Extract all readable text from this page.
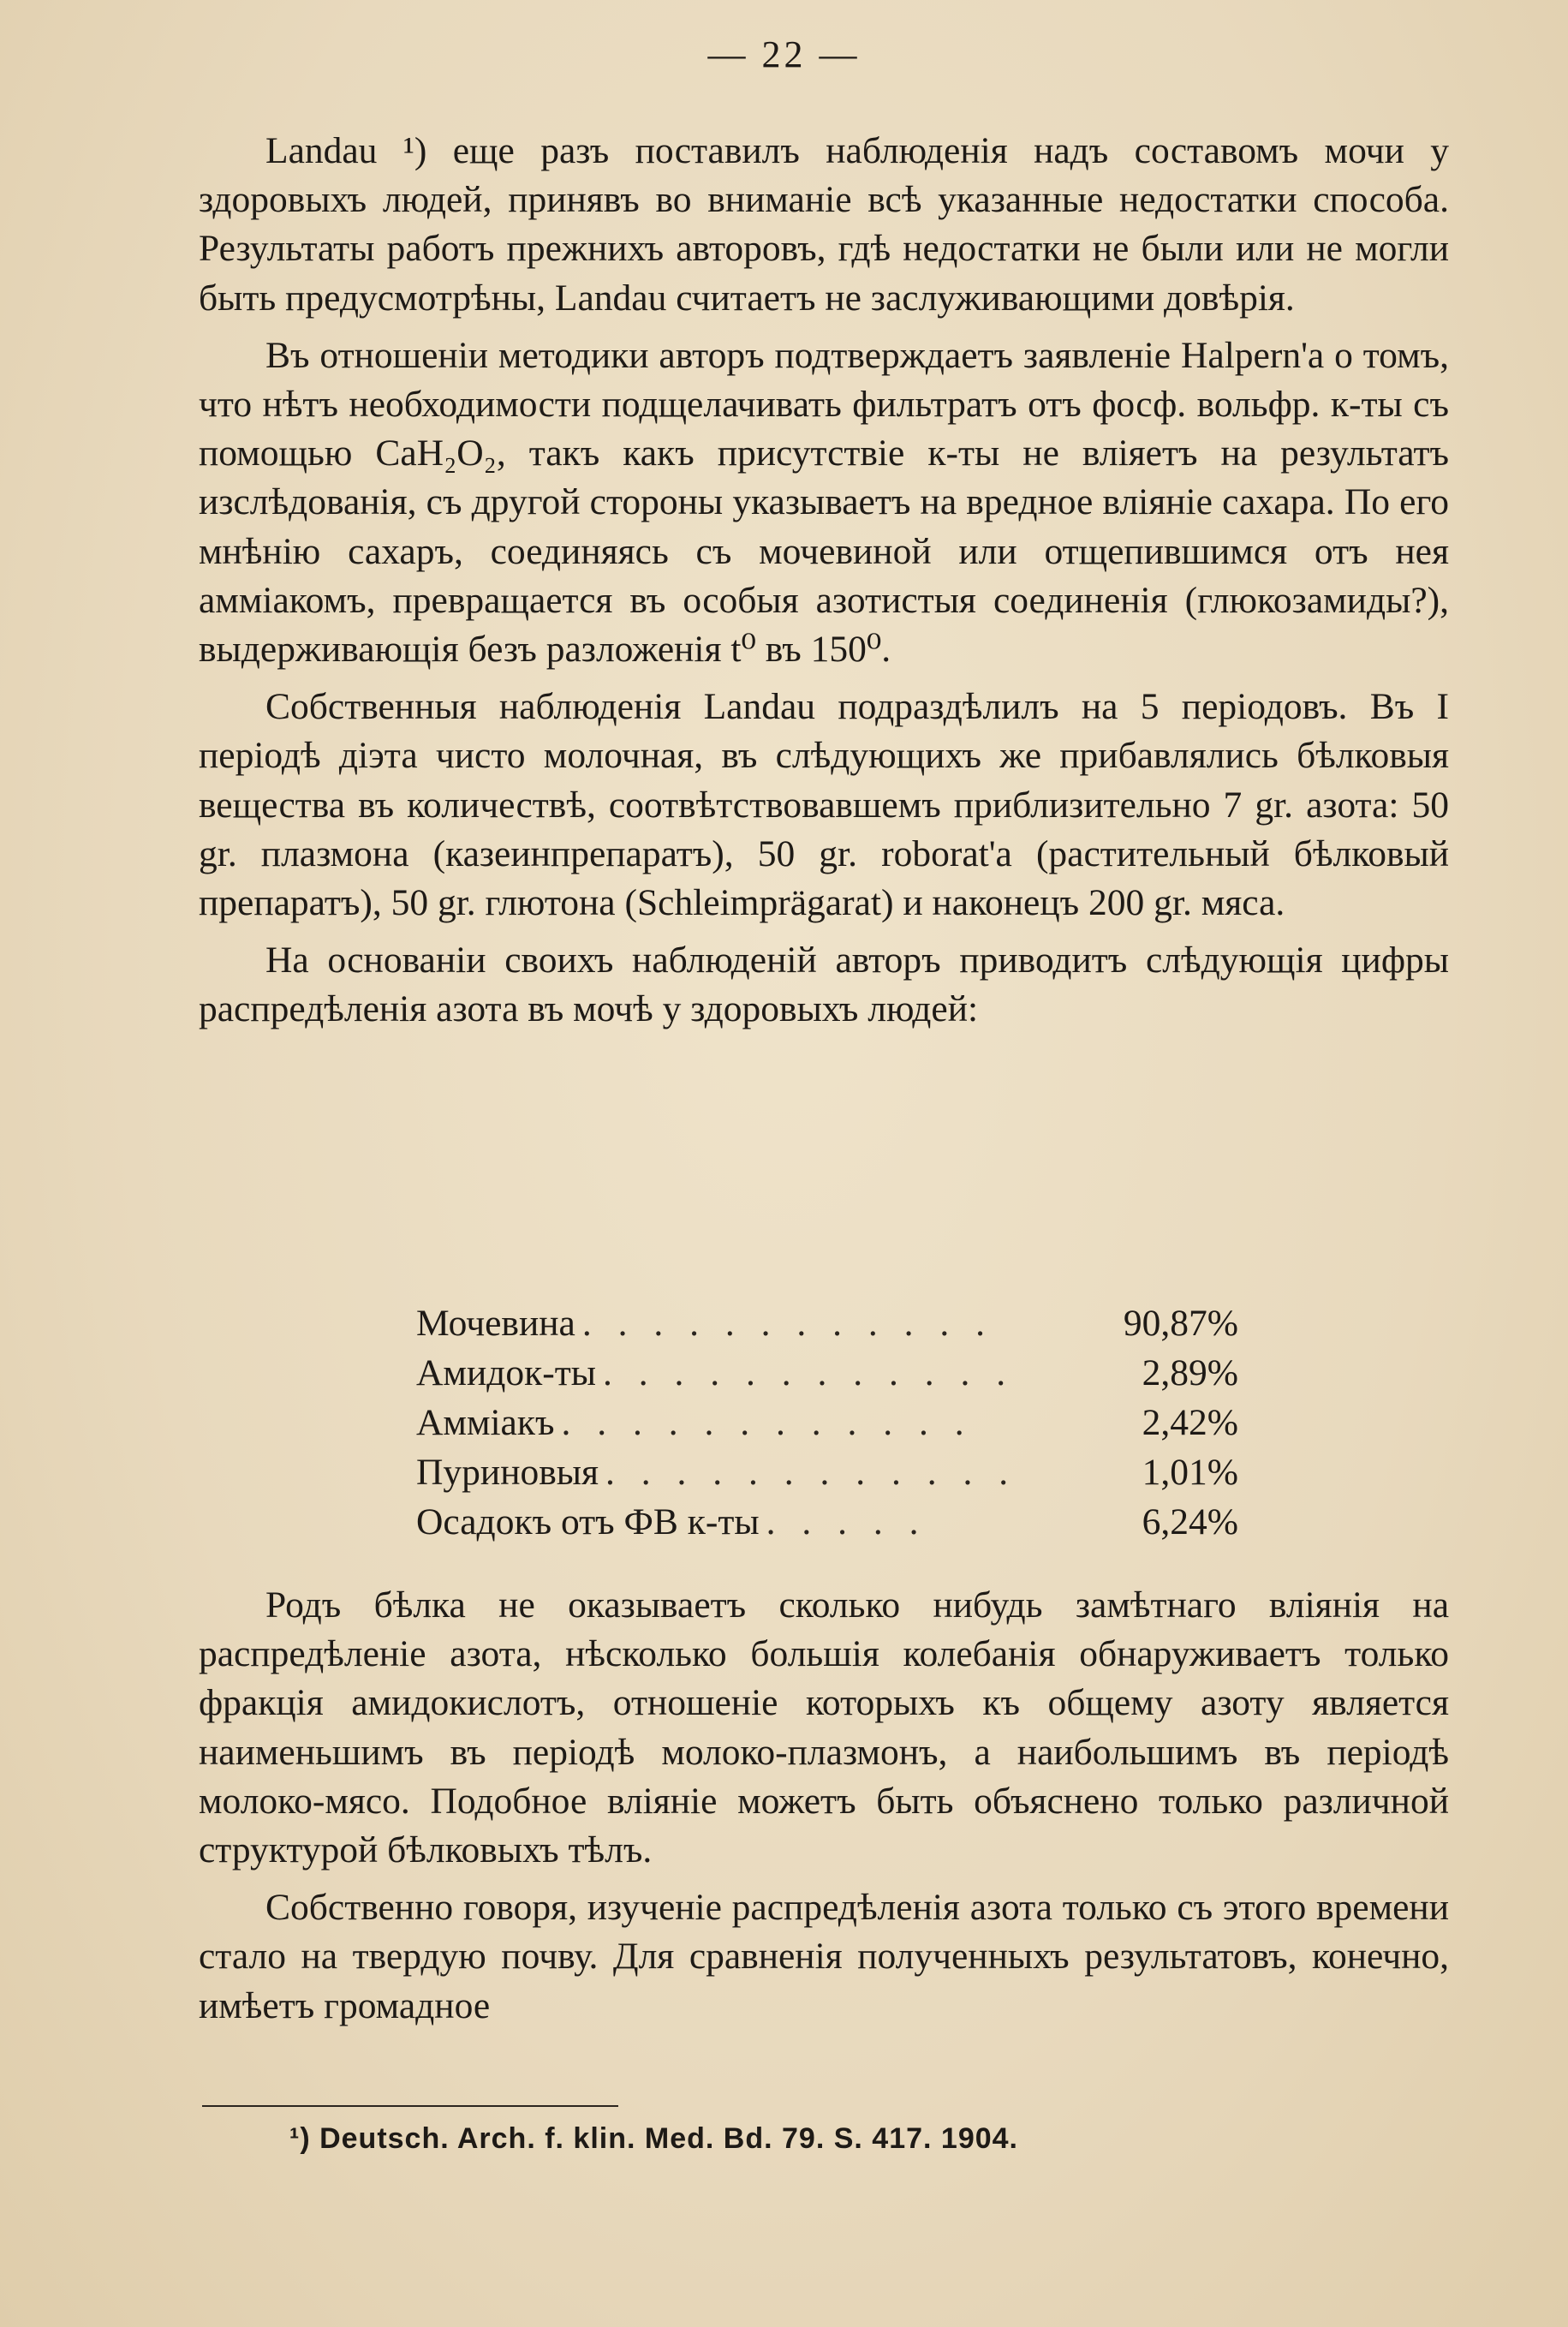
— 22 —

Landau ¹) еще разъ поставилъ наблюденія надъ составомъ мочи у здоровыхъ людей, принявъ во вниманіе всѣ указанные недостатки способа. Результаты работъ прежнихъ авторовъ, гдѣ недостатки не были или не могли быть предусмотрѣны, Landau считаетъ не заслуживающими довѣрія.

Въ отношеніи методики авторъ подтверждаетъ заявленіе Halpern'a о томъ, что нѣтъ необходимости подщелачивать фильтратъ отъ фосф. вольфр. к-ты съ помощью CaH₂O₂, такъ какъ присутствіе к-ты не вліяетъ на результатъ изслѣдованія, съ другой стороны указываетъ на вредное вліяніе сахара. По его мнѣнію сахаръ, соединяясь съ мочевиной или отщепившимся отъ нея амміакомъ, превращается въ особыя азотистыя соединенія (глюкозамиды?), выдерживающія безъ разложенія t⁰ въ 150⁰.

Собственныя наблюденія Landau подраздѣлилъ на 5 періодовъ. Въ I періодѣ діэта чисто молочная, въ слѣдующихъ же прибавлялись бѣлковыя вещества въ количествѣ, соотвѣтствовавшемъ приблизительно 7 gr. азота: 50 gr. плазмона (казеинпрепаратъ), 50 gr. roborat'a (растительный бѣлковый препаратъ), 50 gr. глютона (Schleimprägarat) и наконецъ 200 gr. мяса.

На основаніи своихъ наблюденій авторъ приводитъ слѣдующія цифры распредѣленія азота въ мочѣ у здоровыхъ людей:

Мочевина . . . . . . . . . . . .	90,87%
Амидок-ты . . . . . . . . . . . .	2,89%
Амміакъ . . . . . . . . . . . .	2,42%
Пуриновыя . . . . . . . . . . . .	1,01%
Осадокъ отъ ФВ к-ты . . . . .	6,24%

Родъ бѣлка не оказываетъ сколько нибудь замѣтнаго вліянія на распредѣленіе азота, нѣсколько большія колебанія обнаруживаетъ только фракція амидокислотъ, отношеніе которыхъ къ общему азоту является наименьшимъ въ періодѣ молоко-плазмонъ, а наибольшимъ въ періодѣ молоко-мясо. Подобное вліяніе можетъ быть объяснено только различной структурой бѣлковыхъ тѣлъ.

Собственно говоря, изученіе распредѣленія азота только съ этого времени стало на твердую почву. Для сравненія полученныхъ результатовъ, конечно, имѣетъ громадное

¹) Deutsch. Arch. f. klin. Med. Bd. 79. S. 417. 1904.
